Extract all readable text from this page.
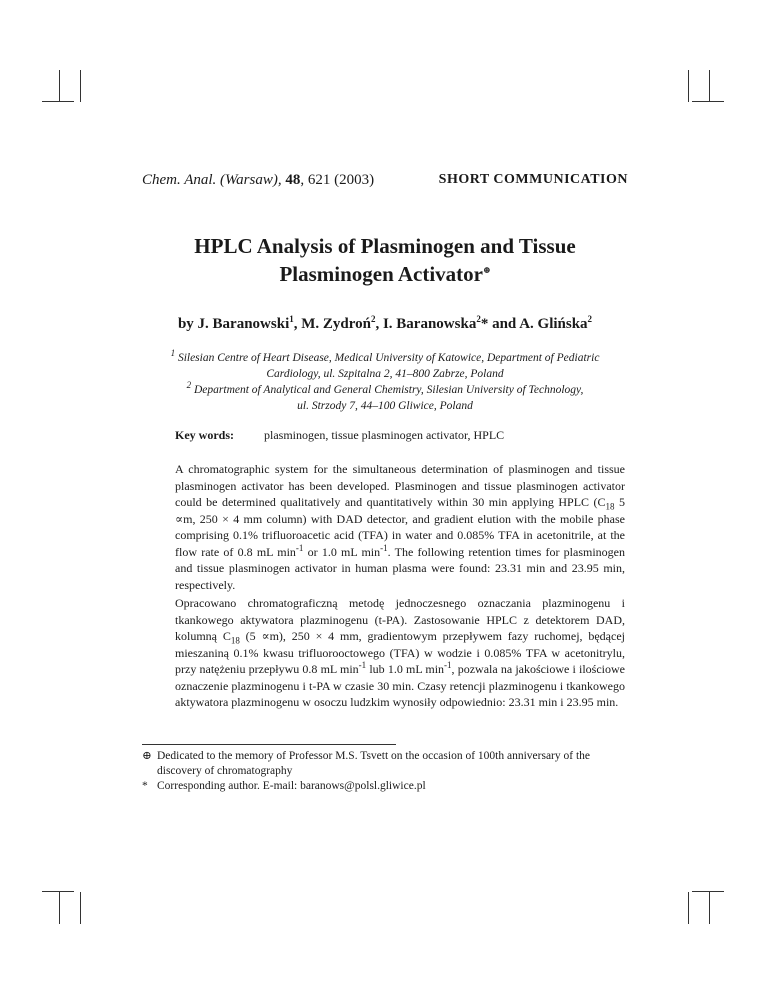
Chem. Anal. (Warsaw), 48, 621 (2003)	SHORT COMMUNICATION
HPLC Analysis of Plasminogen and Tissue
Plasminogen Activator⊕
by J. Baranowski$^1$, M. Zydroń$^2$, I. Baranowska$^2$* and A. Glińska$^2$

$^1$ Silesian Centre of Heart Disease, Medical University of Katowice, Department of Pediatric

Cardiology, ul. Szpitalna 2, 41–800 Zabrze, Poland

$^2$ Department of Analytical and General Chemistry, Silesian University of Technology,

ul. Strzody 7, 44–100 Gliwice, Poland

Key words:	plasminogen, tissue plasminogen activator, HPLC

A chromatographic system for the simultaneous determination of plasminogen and tissue plasminogen activator has been developed. Plasminogen and tissue plasminogen activator could be determined qualitatively and quantitatively within 30 min applying HPLC ($C_{18}$ 5 ∝m, 250 × 4 mm column) with DAD detector, and gradient elution with the mobile phase comprising 0.1% trifluoroacetic acid (TFA) in water and 0.085% TFA in acetonitrile, at the flow rate of 0.8 mL $\min^{-1}$ or 1.0 mL $\min^{-1}$. The following retention times for plasminogen and tissue plasminogen activator in human plasma were found: 23.31 min and 23.95 min, respectively.

Opracowano chromatograficzną metodę jednoczesnego oznaczania plazminogenu i tkankowego aktywatora plazminogenu (t-PA). Zastosowanie HPLC z detektorem DAD, kolumną $C_{18}$ (5 ∝m), 250 × 4 mm, gradientowym przepływem fazy ruchomej, będącej mieszaniną 0.1% kwasu trifluorooctowego (TFA) w wodzie i 0.085% TFA w acetonitrylu, przy natężeniu przepływu 0.8 mL $\min^{-1}$ lub 1.0 mL $\min^{-1}$, pozwala na jakościowe i ilościowe oznaczenie plazminogenu i t-PA w czasie 30 min. Czasy retencji plazminogenu i tkankowego aktywatora plazminogenu w osoczu ludzkim wynosiły odpowiednio: 23.31 min i 23.95 min.

⊕ Dedicated to the memory of Professor M.S. Tsvett on the occasion of 100th anniversary of the discovery of chromatography

* Corresponding author. E-mail: baranows@polsl.gliwice.pl
